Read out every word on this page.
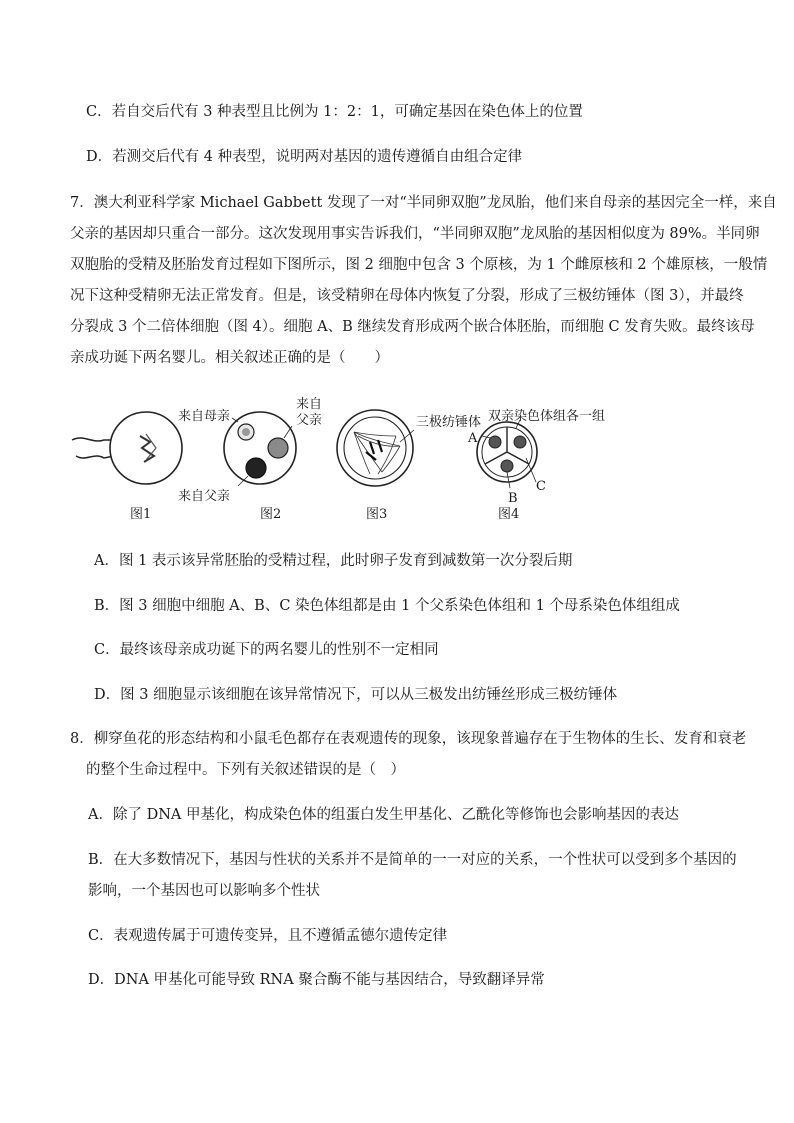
C．若自交后代有 3 种表型且比例为 1：2：1，可确定基因在染色体上的位置
D．若测交后代有 4 种表型，说明两对基因的遗传遵循自由组合定律
7．澳大利亚科学家 Michael Gabbett 发现了一对“半同卵双胞”龙凤胎，他们来自母亲的基因完全一样，来自
父亲的基因却只重合一部分。这次发现用事实告诉我们，“半同卵双胞”龙凤胎的基因相似度为 89%。半同卵
双胞胎的受精及胚胎发育过程如下图所示，图 2 细胞中包含 3 个原核，为 1 个雌原核和 2 个雄原核，一般情
况下这种受精卵无法正常发育。但是，该受精卵在母体内恢复了分裂，形成了三极纺锤体（图 3），并最终
分裂成 3 个二倍体细胞（图 4）。细胞 A、B 继续发育形成两个嵌合体胚胎，而细胞 C 发育失败。最终该母
亲成功诞下两名婴儿。相关叙述正确的是（　　）
图1
来自母亲
来自
父亲
来自父亲
图2
三极纺锤体
图3
双亲染色体组各一组
A
B
C
图4
A．图 1 表示该异常胚胎的受精过程，此时卵子发育到减数第一次分裂后期
B．图 3 细胞中细胞 A、B、C 染色体组都是由 1 个父系染色体组和 1 个母系染色体组组成
C．最终该母亲成功诞下的两名婴儿的性别不一定相同
D．图 3 细胞显示该细胞在该异常情况下，可以从三极发出纺锤丝形成三极纺锤体
8．柳穿鱼花的形态结构和小鼠毛色都存在表观遗传的现象，该现象普遍存在于生物体的生长、发育和衰老
的整个生命过程中。下列有关叙述错误的是（　）
A．除了 DNA 甲基化，构成染色体的组蛋白发生甲基化、乙酰化等修饰也会影响基因的表达
B．在大多数情况下，基因与性状的关系并不是简单的一一对应的关系，一个性状可以受到多个基因的
影响，一个基因也可以影响多个性状
C．表观遗传属于可遗传变异，且不遵循孟德尔遗传定律
D．DNA 甲基化可能导致 RNA 聚合酶不能与基因结合，导致翻译异常
